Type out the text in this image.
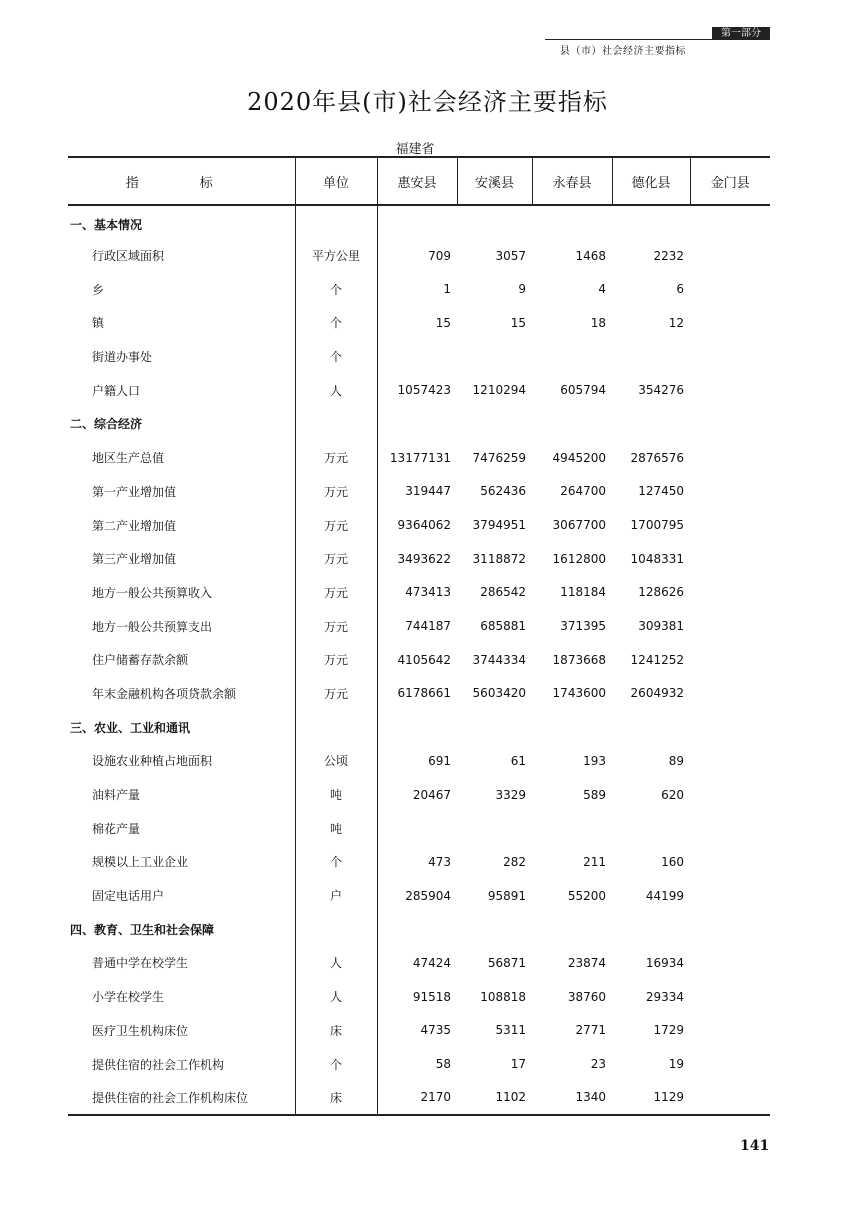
第一部分
县（市）社会经济主要指标
2020年县(市)社会经济主要指标
福建省
指　标	单位	惠安县	安溪县	永春县	德化县	金门县
一、基本情况						
行政区域面积	平方公里	709	3057	1468	2232	
乡	个	1	9	4	6	
镇	个	15	15	18	12	
街道办事处	个					
户籍人口	人	1057423	1210294	605794	354276	
二、综合经济						
地区生产总值	万元	13177131	7476259	4945200	2876576	
第一产业增加值	万元	319447	562436	264700	127450	
第二产业增加值	万元	9364062	3794951	3067700	1700795	
第三产业增加值	万元	3493622	3118872	1612800	1048331	
地方一般公共预算收入	万元	473413	286542	118184	128626	
地方一般公共预算支出	万元	744187	685881	371395	309381	
住户储蓄存款余额	万元	4105642	3744334	1873668	1241252	
年末金融机构各项贷款余额	万元	6178661	5603420	1743600	2604932	
三、农业、工业和通讯						
设施农业种植占地面积	公顷	691	61	193	89	
油料产量	吨	20467	3329	589	620	
棉花产量	吨					
规模以上工业企业	个	473	282	211	160	
固定电话用户	户	285904	95891	55200	44199	
四、教育、卫生和社会保障						
普通中学在校学生	人	47424	56871	23874	16934	
小学在校学生	人	91518	108818	38760	29334	
医疗卫生机构床位	床	4735	5311	2771	1729	
提供住宿的社会工作机构	个	58	17	23	19	
提供住宿的社会工作机构床位	床	2170	1102	1340	1129	
141
